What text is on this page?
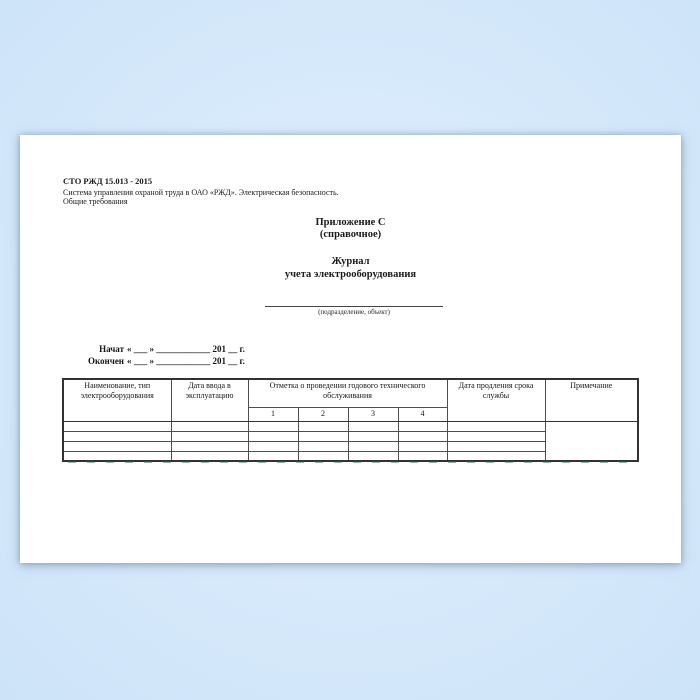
СТО РЖД 15.013 - 2015
Система управления охраной труда в ОАО «РЖД». Электрическая безопасность.
Общие требования
Приложение С
(справочное)
Журнал
учета электрооборудования
(подразделение, объект)
Начат « ___ » ____________ 201 __ г.
Окончен « ___ » ____________ 201 __ г.
Наименование, тип электрооборудования	Дата ввода в эксплуатацию	Отметка о проведении годового технического обслуживания				Дата продления срока службы	Примечание
		1	2	3	4		
